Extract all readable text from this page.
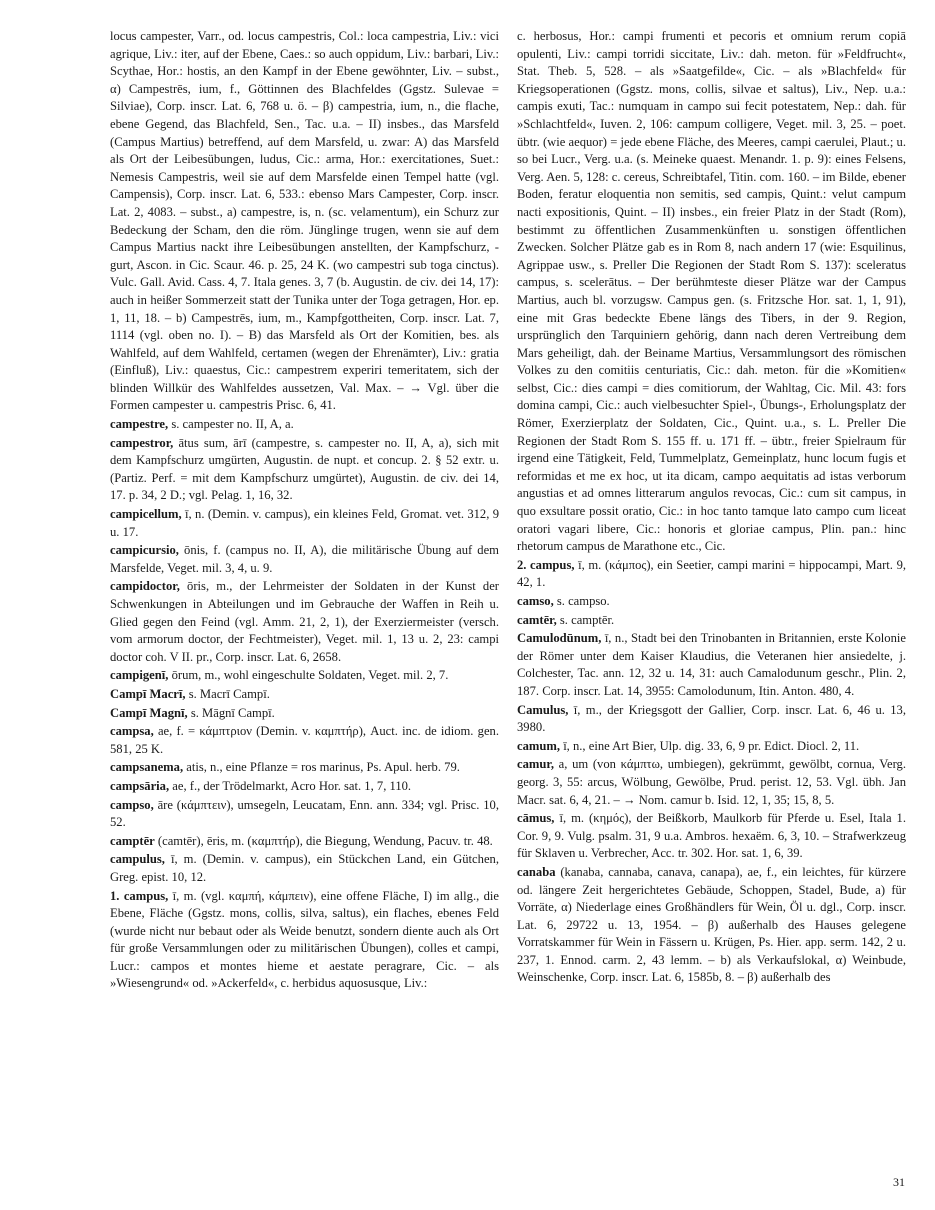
locus campester, Varr., od. locus campestris, Col.: loca campestria, Liv.: vici agrique, Liv.: iter, auf der Ebene, Caes.: so auch oppidum, Liv.: barbari, Liv.: Scythae, Hor.: hostis, an den Kampf in der Ebene gewöhnter, Liv. – subst., α) Campestrēs, ium, f., Göttinnen des Blachfeldes (Ggstz. Sulevae = Silviae), Corp. inscr. Lat. 6, 768 u. ö. – β) campestria, ium, n., die flache, ebene Gegend, das Blachfeld, Sen., Tac. u.a. – II) insbes., das Marsfeld (Campus Martius) betreffend, auf dem Marsfeld, u. zwar: A) das Marsfeld als Ort der Leibesübungen, ludus, Cic.: arma, Hor.: exercitationes, Suet.: Nemesis Campestris, weil sie auf dem Marsfelde einen Tempel hatte (vgl. Campensis), Corp. inscr. Lat. 6, 533.: ebenso Mars Campester, Corp. inscr. Lat. 2, 4083. – subst., a) campestre, is, n. (sc. velamentum), ein Schurz zur Bedeckung der Scham, den die röm. Jünglinge trugen, wenn sie auf dem Campus Martius nackt ihre Leibesübungen anstellten, der Kampfschurz, -gurt, Ascon. in Cic. Scaur. 46. p. 25, 24 K. (wo campestri sub toga cinctus). Vulc. Gall. Avid. Cass. 4, 7. Itala genes. 3, 7 (b. Augustin. de civ. dei 14, 17): auch in heißer Sommerzeit statt der Tunika unter der Toga getragen, Hor. ep. 1, 11, 18. – b) Campestrēs, ium, m., Kampfgottheiten, Corp. inscr. Lat. 7, 1114 (vgl. oben no. I). – B) das Marsfeld als Ort der Komitien, bes. als Wahlfeld, auf dem Wahlfeld, certamen (wegen der Ehrenämter), Liv.: gratia (Einfluß), Liv.: quaestus, Cic.: campestrem experiri temeritatem, sich der blinden Willkür des Wahlfeldes aussetzen, Val. Max. – → Vgl. über die Formen campester u. campestris Prisc. 6, 41.

campestre, s. campester no. II, A, a.

campestror, ātus sum, ārī (campestre, s. campester no. II, A, a), sich mit dem Kampfschurz umgürten, Augustin. de nupt. et concup. 2. § 52 extr. u. (Partiz. Perf. = mit dem Kampfschurz umgürtet), Augustin. de civ. dei 14, 17. p. 34, 2 D.; vgl. Pelag. 1, 16, 32.

campicellum, ī, n. (Demin. v. campus), ein kleines Feld, Gromat. vet. 312, 9 u. 17.

campicursio, ōnis, f. (campus no. II, A), die militärische Übung auf dem Marsfelde, Veget. mil. 3, 4, u. 9.

campidoctor, ōris, m., der Lehrmeister der Soldaten in der Kunst der Schwenkungen in Abteilungen und im Gebrauche der Waffen in Reih u. Glied gegen den Feind (vgl. Amm. 21, 2, 1), der Exerziermeister (versch. vom armorum doctor, der Fechtmeister), Veget. mil. 1, 13 u. 2, 23: campi doctor coh. V II. pr., Corp. inscr. Lat. 6, 2658.

campigenī, ōrum, m., wohl eingeschulte Soldaten, Veget. mil. 2, 7.

Campī Macrī, s. Macrī Campī.

Campī Magnī, s. Māgnī Campī.

campsa, ae, f. = κάμπτριον (Demin. v. καμπτήρ), Auct. inc. de idiom. gen. 581, 25 K.

campsanema, atis, n., eine Pflanze = ros marinus, Ps. Apul. herb. 79.

campsāria, ae, f., der Trödelmarkt, Acro Hor. sat. 1, 7, 110.

campso, āre (κάμπτειν), umsegeln, Leucatam, Enn. ann. 334; vgl. Prisc. 10, 52.

camptēr (camtēr), ēris, m. (καμπτήρ), die Biegung, Wendung, Pacuv. tr. 48.

campulus, ī, m. (Demin. v. campus), ein Stückchen Land, ein Gütchen, Greg. epist. 10, 12.

1. campus, ī, m. (vgl. καμπή, κάμπειν), eine offene Fläche, I) im allg., die Ebene, Fläche (Ggstz. mons, collis, silva, saltus), ein flaches, ebenes Feld (wurde nicht nur bebaut oder als Weide benutzt, sondern diente auch als Ort für große Versammlungen oder zu militärischen Übungen), colles et campi, Lucr.: campos et montes hieme et aestate peragrare, Cic. – als »Wiesengrund« od. »Ackerfeld«, c. herbidus aquosusque, Liv.:

c. herbosus, Hor.: campi frumenti et pecoris et omnium rerum copiā opulenti, Liv.: campi torridi siccitate, Liv.: dah. meton. für »Feldfrucht«, Stat. Theb. 5, 528. – als »Saatgefilde«, Cic. – als »Blachfeld« für Kriegsoperationen (Ggstz. mons, collis, silvae et saltus), Liv., Nep. u.a.: campis exuti, Tac.: numquam in campo sui fecit potestatem, Nep.: dah. für »Schlachtfeld«, Iuven. 2, 106: campum colligere, Veget. mil. 3, 25. – poet. übtr. (wie aequor) = jede ebene Fläche, des Meeres, campi caerulei, Plaut.; u. so bei Lucr., Verg. u.a. (s. Meineke quaest. Menandr. 1. p. 9): eines Felsens, Verg. Aen. 5, 128: c. cereus, Schreibtafel, Titin. com. 160. – im Bilde, ebener Boden, feratur eloquentia non semitis, sed campis, Quint.: velut campum nacti expositionis, Quint. – II) insbes., ein freier Platz in der Stadt (Rom), bestimmt zu öffentlichen Zusammenkünften u. sonstigen öffentlichen Zwecken. Solcher Plätze gab es in Rom 8, nach andern 17 (wie: Esquilinus, Agrippae usw., s. Preller Die Regionen der Stadt Rom S. 137): sceleratus campus, s. scelerātus. – Der berühmteste dieser Plätze war der Campus Martius, auch bl. vorzugsw. Campus gen. (s. Fritzsche Hor. sat. 1, 1, 91), eine mit Gras bedeckte Ebene längs des Tibers, in der 9. Region, ursprünglich den Tarquiniern gehörig, dann nach deren Vertreibung dem Mars geheiligt, dah. der Beiname Martius, Versammlungsort des römischen Volkes zu den comitiis centuriatis, Cic.: dah. meton. für die »Komitien« selbst, Cic.: dies campi = dies comitiorum, der Wahltag, Cic. Mil. 43: fors domina campi, Cic.: auch vielbesuchter Spiel-, Übungs-, Erholungsplatz der Römer, Exerzierplatz der Soldaten, Cic., Quint. u.a., s. L. Preller Die Regionen der Stadt Rom S. 155 ff. u. 171 ff. – übtr., freier Spielraum für irgend eine Tätigkeit, Feld, Tummelplatz, Gemeinplatz, hunc locum fugis et reformidas et me ex hoc, ut ita dicam, campo aequitatis ad istas verborum angustias et ad omnes litterarum angulos revocas, Cic.: cum sit campus, in quo exsultare possit oratio, Cic.: in hoc tanto tamque lato campo cum liceat oratori vagari libere, Cic.: honoris et gloriae campus, Plin. pan.: hinc rhetorum campus de Marathone etc., Cic.

2. campus, ī, m. (κάμπος), ein Seetier, campi marini = hippocampi, Mart. 9, 42, 1.

camso, s. campso.

camtēr, s. camptēr.

Camulodūnum, ī, n., Stadt bei den Trinobanten in Britannien, erste Kolonie der Römer unter dem Kaiser Klaudius, die Veteranen hier ansiedelte, j. Colchester, Tac. ann. 12, 32 u. 14, 31: auch Camalodunum geschr., Plin. 2, 187. Corp. inscr. Lat. 14, 3955: Camolodunum, Itin. Anton. 480, 4.

Camulus, ī, m., der Kriegsgott der Gallier, Corp. inscr. Lat. 6, 46 u. 13, 3980.

camum, ī, n., eine Art Bier, Ulp. dig. 33, 6, 9 pr. Edict. Diocl. 2, 11.

camur, a, um (von κάμπτω, umbiegen), gekrümmt, gewölbt, cornua, Verg. georg. 3, 55: arcus, Wölbung, Gewölbe, Prud. perist. 12, 53. Vgl. übh. Jan Macr. sat. 6, 4, 21. – → Nom. camur b. Isid. 12, 1, 35; 15, 8, 5.

cāmus, ī, m. (κημός), der Beißkorb, Maulkorb für Pferde u. Esel, Itala 1. Cor. 9, 9. Vulg. psalm. 31, 9 u.a. Ambros. hexaëm. 6, 3, 10. – Strafwerkzeug für Sklaven u. Verbrecher, Acc. tr. 302. Hor. sat. 1, 6, 39.

canaba (kanaba, cannaba, canava, canapa), ae, f., ein leichtes, für kürzere od. längere Zeit hergerichtetes Gebäude, Schoppen, Stadel, Bude, a) für Vorräte, α) Niederlage eines Großhändlers für Wein, Öl u. dgl., Corp. inscr. Lat. 6, 29722 u. 13, 1954. – β) außerhalb des Hauses gelegene Vorratskammer für Wein in Fässern u. Krügen, Ps. Hier. app. serm. 142, 2 u. 237, 1. Ennod. carm. 2, 43 lemm. – b) als Verkaufslokal, α) Weinbude, Weinschenke, Corp. inscr. Lat. 6, 1585b, 8. – β) außerhalb des

31
